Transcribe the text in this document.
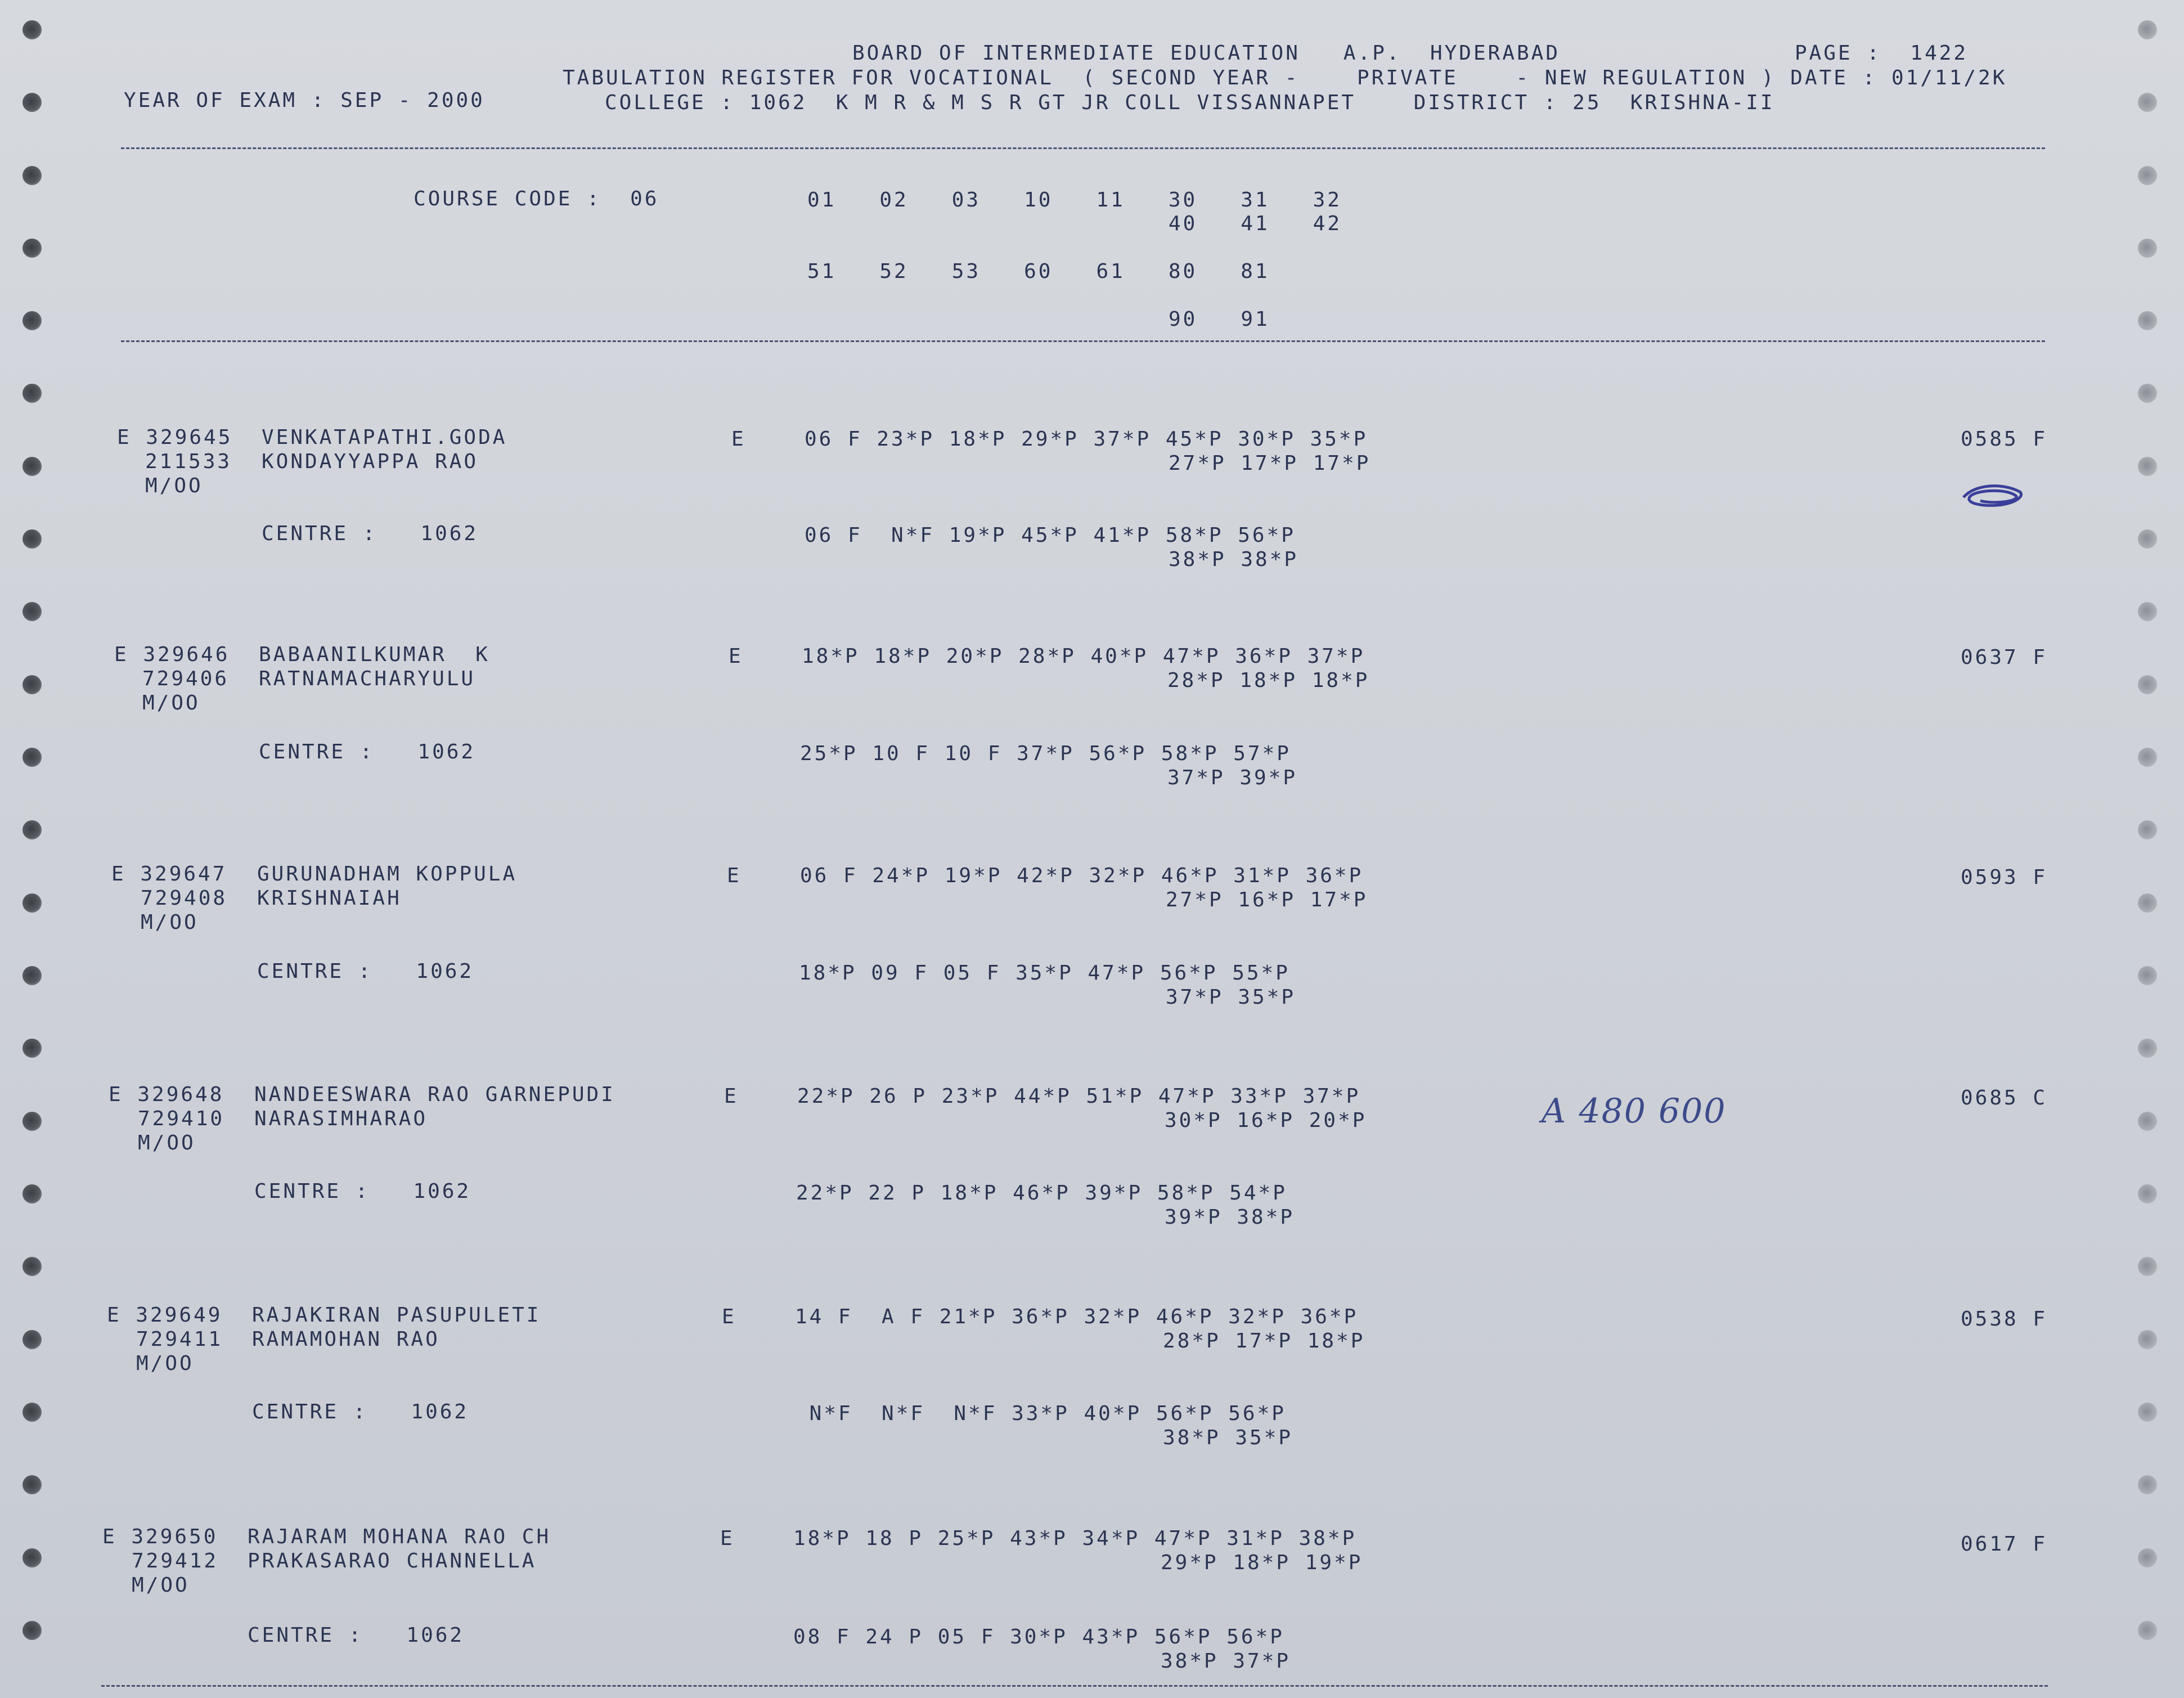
BOARD OF INTERMEDIATE EDUCATION   A.P.  HYDERABAD	PAGE :  1422
TABULATION REGISTER FOR VOCATIONAL  ( SECOND YEAR -    PRIVATE    - NEW REGULATION ) DATE : 01/11/2K
YEAR OF EXAM : SEP - 2000	COLLEGE : 1062  K M R & M S R GT JR COLL VISSANNAPET    DISTRICT : 25  KRISHNA-II
COURSE CODE :  06	01   02   03   10   11   30   31   32
40   41   42
51   52   53   60   61   80   81
90   91
E 329645 VENKATAPATHI.GODA	E	06 F 23*P 18*P 29*P 37*P 45*P 30*P 35*P	0585 F
211533 KONDAYYAPPA RAO	27*P 17*P 17*P
M/OO
CENTRE :   1062	06 F  N*F 19*P 45*P 41*P 58*P 56*P
38*P 38*P
E 329646 BABAANILKUMAR  K	E	18*P 18*P 20*P 28*P 40*P 47*P 36*P 37*P	0637 F
729406 RATNAMACHARYULU	28*P 18*P 18*P
M/OO
CENTRE :   1062	25*P 10 F 10 F 37*P 56*P 58*P 57*P
37*P 39*P
E 329647 GURUNADHAM KOPPULA	E	06 F 24*P 19*P 42*P 32*P 46*P 31*P 36*P	0593 F
729408 KRISHNAIAH	27*P 16*P 17*P
M/OO
CENTRE :   1062	18*P 09 F 05 F 35*P 47*P 56*P 55*P
37*P 35*P
E 329648 NANDEESWARA RAO GARNEPUDI	E	22*P 26 P 23*P 44*P 51*P 47*P 33*P 37*P	0685 C
729410 NARASIMHARAO	30*P 16*P 20*P
M/OO
CENTRE :   1062	22*P 22 P 18*P 46*P 39*P 58*P 54*P
39*P 38*P
A 480 600
E 329649 RAJAKIRAN PASUPULETI	E	14 F  A F 21*P 36*P 32*P 46*P 32*P 36*P	0538 F
729411 RAMAMOHAN RAO	28*P 17*P 18*P
M/OO
CENTRE :   1062	N*F  N*F  N*F 33*P 40*P 56*P 56*P
38*P 35*P
E 329650 RAJARAM MOHANA RAO CH	E	18*P 18 P 25*P 43*P 34*P 47*P 31*P 38*P	0617 F
729412 PRAKASARAO CHANNELLA	29*P 18*P 19*P
M/OO
CENTRE :   1062	08 F 24 P 05 F 30*P 43*P 56*P 56*P
38*P 37*P
